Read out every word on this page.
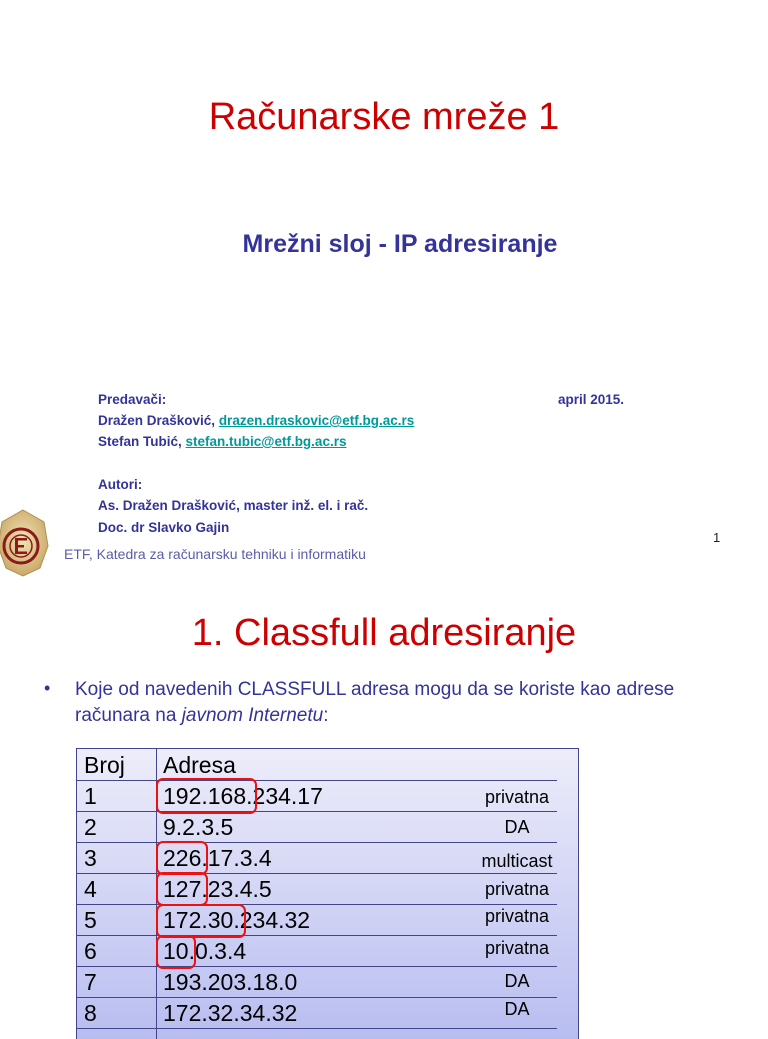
Računarske mreže 1
Mrežni sloj - IP adresiranje
Predavači:	april 2015.
Dražen Drašković, drazen.draskovic@etf.bg.ac.rs
Stefan Tubić, stefan.tubic@etf.bg.ac.rs
Autori:
As. Dražen Drašković, master inž. el. i rač.
Doc. dr Slavko Gajin
1
ETF, Katedra za računarsku tehniku i informatiku
1. Classfull adresiranje
• Koje od navedenih CLASSFULL adresa mogu da se koriste kao adrese računara na javnom Internetu:
Broj Adresa
1	192.168.234.17	privatna
2	9.2.3.5	DA
3	226.17.3.4	multicast
4	127.23.4.5	privatna
5	172.30.234.32	privatna
6	10.0.3.4	privatna
7	193.203.18.0	DA
8	172.32.34.32	DA
